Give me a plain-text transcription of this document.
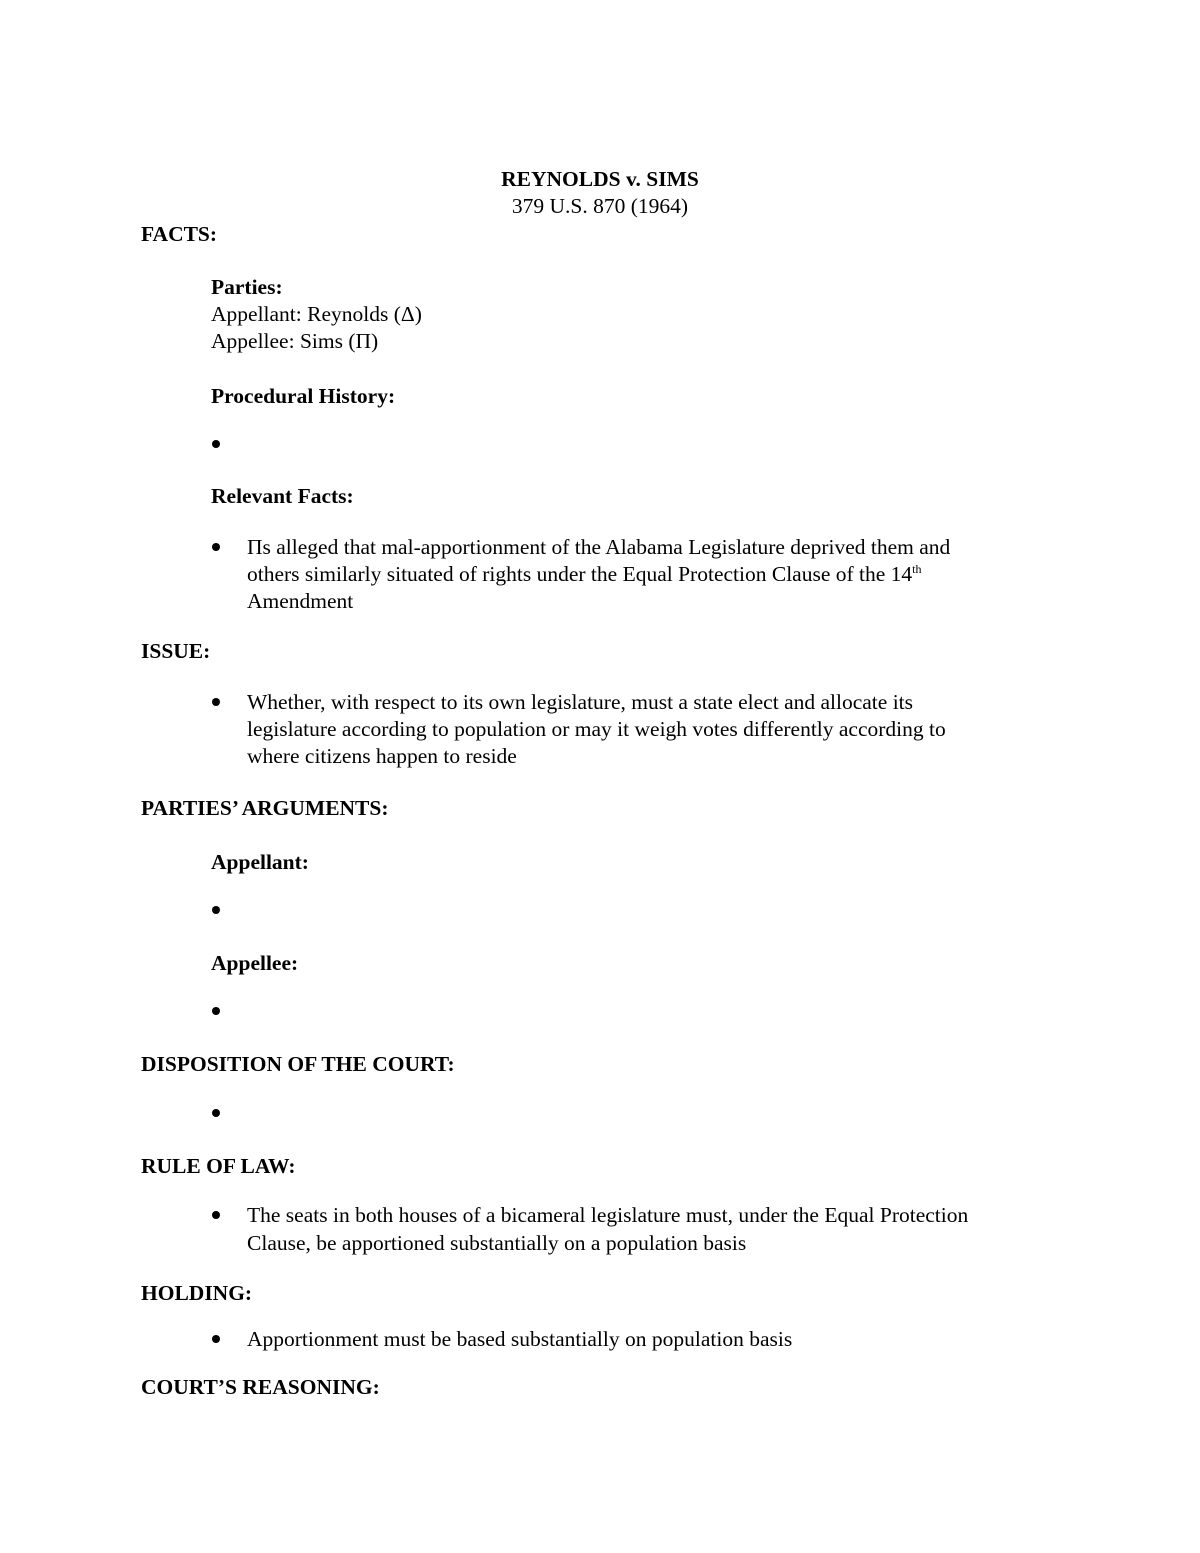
REYNOLDS v. SIMS
379 U.S. 870 (1964)
FACTS:
Parties:
Appellant: Reynolds (Δ)
Appellee: Sims (Π)
Procedural History:
Relevant Facts:
Πs alleged that mal-apportionment of the Alabama Legislature deprived them and
others similarly situated of rights under the Equal Protection Clause of the 14th
Amendment
ISSUE:
Whether, with respect to its own legislature, must a state elect and allocate its
legislature according to population or may it weigh votes differently according to
where citizens happen to reside
PARTIES’ ARGUMENTS:
Appellant:
Appellee:
DISPOSITION OF THE COURT:
RULE OF LAW:
The seats in both houses of a bicameral legislature must, under the Equal Protection
Clause, be apportioned substantially on a population basis
HOLDING:
Apportionment must be based substantially on population basis
COURT’S REASONING:
